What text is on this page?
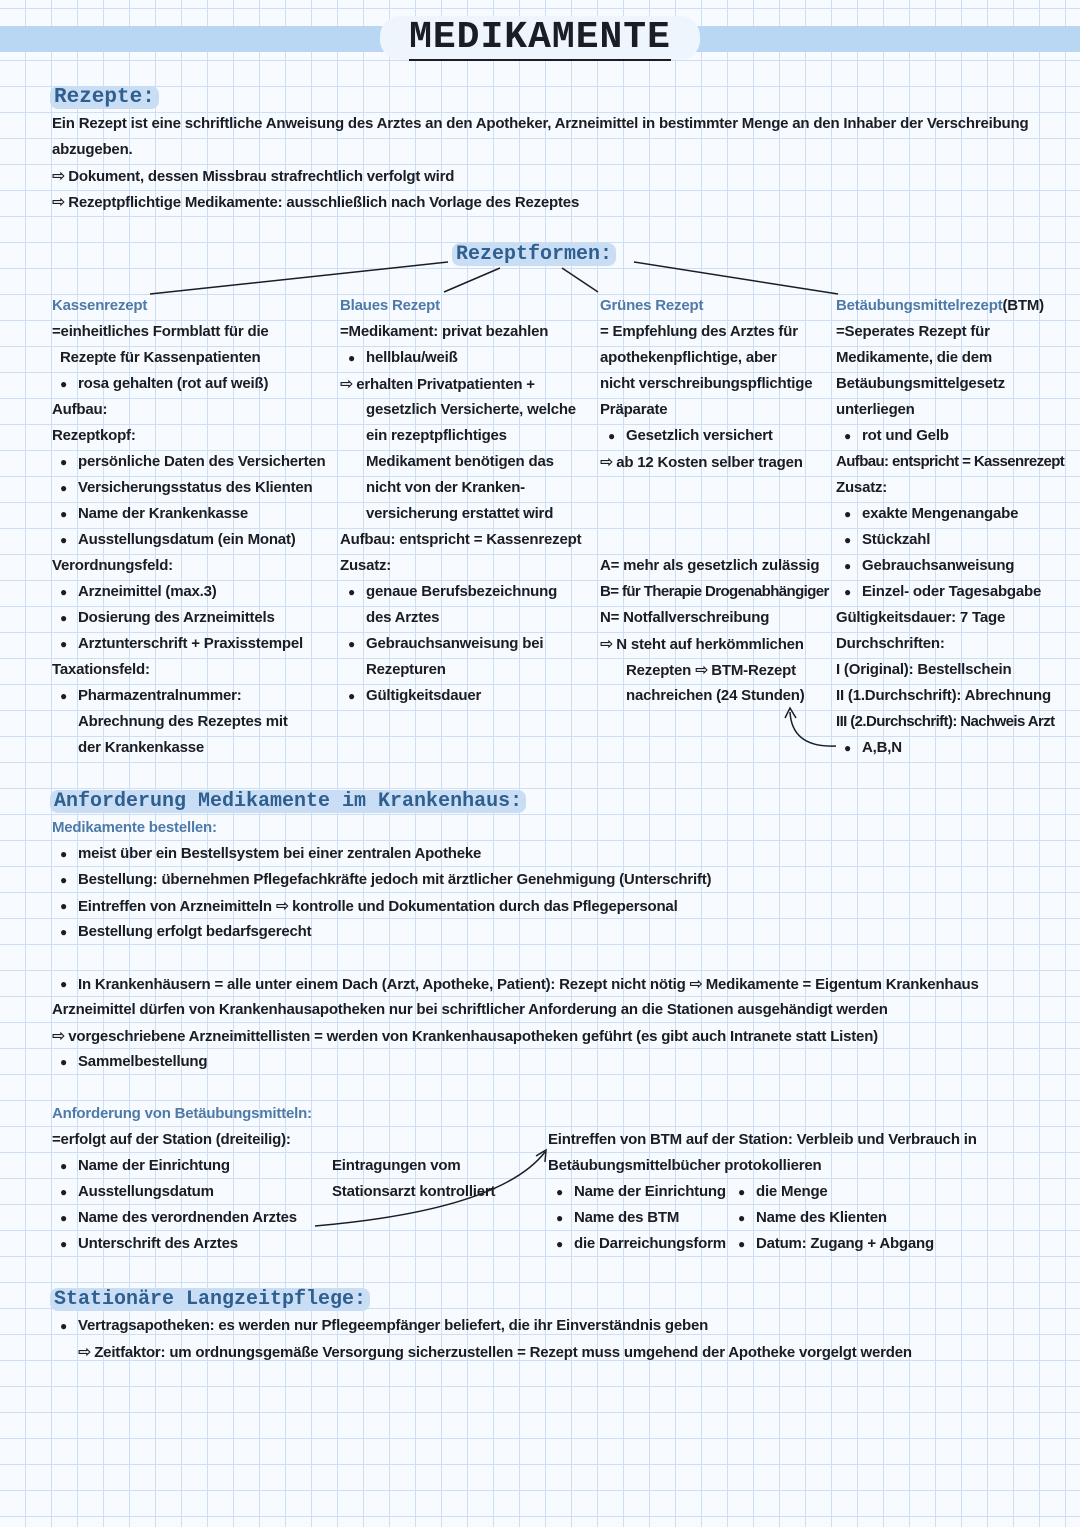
MEDIKAMENTE
Rezepte:
Ein Rezept ist eine schriftliche Anweisung des Arztes an den Apotheker, Arzneimittel in bestimmter Menge an den Inhaber der Verschreibung
abzugeben.
⇨ Dokument, dessen Missbrau strafrechtlich verfolgt wird
⇨ Rezeptpflichtige Medikamente: ausschließlich nach Vorlage des Rezeptes
Rezeptformen:
Kassenrezept
=einheitliches Formblatt für die
Rezepte für Kassenpatienten
● rosa gehalten (rot auf weiß)
Aufbau:
Rezeptkopf:
● persönliche Daten des Versicherten
● Versicherungsstatus des Klienten
● Name der Krankenkasse
● Ausstellungsdatum (ein Monat)
Verordnungsfeld:
● Arzneimittel (max.3)
● Dosierung des Arzneimittels
● Arztunterschrift + Praxisstempel
Taxationsfeld:
● Pharmazentralnummer:
Abrechnung des Rezeptes mit
der Krankenkasse
Blaues Rezept
=Medikament: privat bezahlen
● hellblau/weiß
⇨ erhalten Privatpatienten +
gesetzlich Versicherte, welche
ein rezeptpflichtiges
Medikament benötigen das
nicht von der Kranken-
versicherung erstattet wird
Aufbau: entspricht = Kassenrezept
Zusatz:
● genaue Berufsbezeichnung
des Arztes
● Gebrauchsanweisung bei
Rezepturen
● Gültigkeitsdauer
Grünes Rezept
= Empfehlung des Arztes für
apothekenpflichtige, aber
nicht verschreibungspflichtige
Präparate
● Gesetzlich versichert
⇨ ab 12 Kosten selber tragen
A= mehr als gesetzlich zulässig
B= für Therapie Drogenabhängiger
N= Notfallverschreibung
⇨ N steht auf herkömmlichen
Rezepten ⇨ BTM-Rezept
nachreichen (24 Stunden)
Betäubungsmittelrezept(BTM)
=Seperates Rezept für
Medikamente, die dem
Betäubungsmittelgesetz
unterliegen
● rot und Gelb
Aufbau: entspricht = Kassenrezept
Zusatz:
● exakte Mengenangabe
● Stückzahl
● Gebrauchsanweisung
● Einzel- oder Tagesabgabe
Gültigkeitsdauer: 7 Tage
Durchschriften:
I (Original): Bestellschein
II (1.Durchschrift): Abrechnung
III (2.Durchschrift): Nachweis Arzt
● A,B,N
Anforderung Medikamente im Krankenhaus:
Medikamente bestellen:
● meist über ein Bestellsystem bei einer zentralen Apotheke
● Bestellung: übernehmen Pflegefachkräfte jedoch mit ärztlicher Genehmigung (Unterschrift)
● Eintreffen von Arzneimitteln ⇨ kontrolle und Dokumentation durch das Pflegepersonal
● Bestellung erfolgt bedarfsgerecht
● In Krankenhäusern = alle unter einem Dach (Arzt, Apotheke, Patient): Rezept nicht nötig ⇨ Medikamente = Eigentum Krankenhaus
Arzneimittel dürfen von Krankenhausapotheken nur bei schriftlicher Anforderung an die Stationen ausgehändigt werden
⇨ vorgeschriebene Arzneimittellisten = werden von Krankenhausapotheken geführt (es gibt auch Intranete statt Listen)
● Sammelbestellung
Anforderung von Betäubungsmitteln:
=erfolgt auf der Station (dreiteilig):
● Name der Einrichtung
● Ausstellungsdatum
● Name des verordnenden Arztes
● Unterschrift des Arztes
Eintragungen vom
Stationsarzt kontrolliert
Eintreffen von BTM auf der Station: Verbleib und Verbrauch in
Betäubungsmittelbücher protokollieren
● Name der Einrichtung
● Name des BTM
● die Darreichungsform
● die Menge
● Name des Klienten
● Datum: Zugang + Abgang
Stationäre Langzeitpflege:
● Vertragsapotheken: es werden nur Pflegeempfänger beliefert, die ihr Einverständnis geben
⇨ Zeitfaktor: um ordnungsgemäße Versorgung sicherzustellen = Rezept muss umgehend der Apotheke vorgelgt werden
